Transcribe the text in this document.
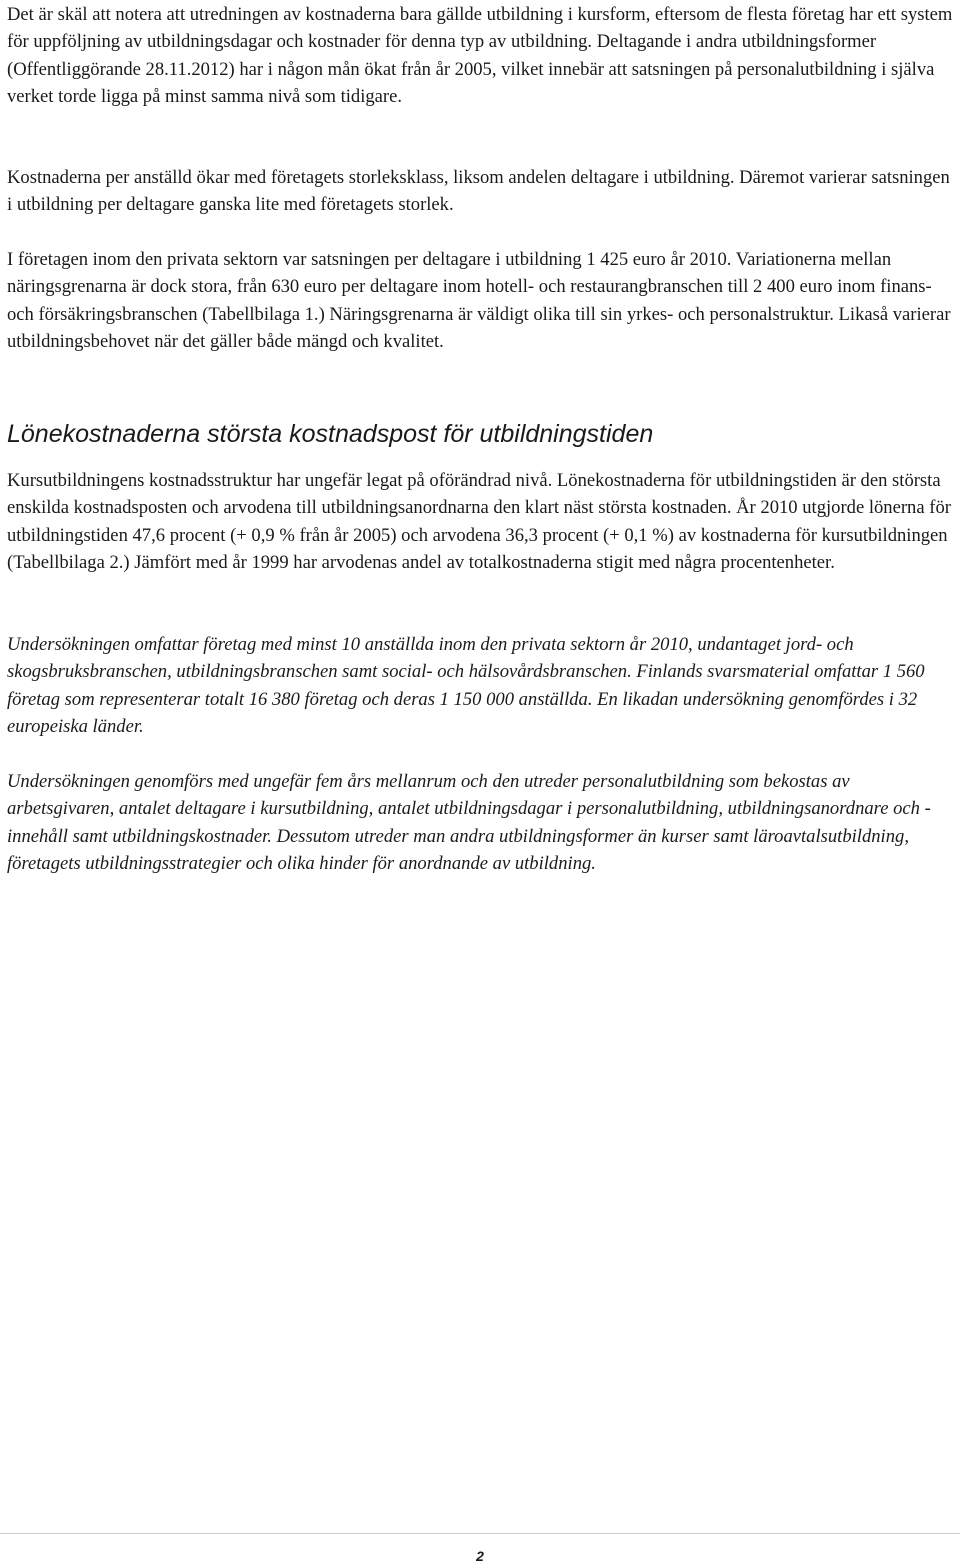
Det är skäl att notera att utredningen av kostnaderna bara gällde utbildning i kursform, eftersom de flesta företag har ett system för uppföljning av utbildningsdagar och kostnader för denna typ av utbildning. Deltagande i andra utbildningsformer (Offentliggörande 28.11.2012) har i någon mån ökat från år 2005, vilket innebär att satsningen på personalutbildning i själva verket torde ligga på minst samma nivå som tidigare.

Kostnaderna per anställd ökar med företagets storleksklass, liksom andelen deltagare i utbildning. Däremot varierar satsningen i utbildning per deltagare ganska lite med företagets storlek.

I företagen inom den privata sektorn var satsningen per deltagare i utbildning 1 425 euro år 2010. Variationerna mellan näringsgrenarna är dock stora, från 630 euro per deltagare inom hotell- och restaurangbranschen till 2 400 euro inom finans- och försäkringsbranschen (Tabellbilaga 1.) Näringsgrenarna är väldigt olika till sin yrkes- och personalstruktur. Likaså varierar utbildningsbehovet när det gäller både mängd och kvalitet.

Lönekostnaderna största kostnadspost för utbildningstiden

Kursutbildningens kostnadsstruktur har ungefär legat på oförändrad nivå. Lönekostnaderna för utbildningstiden är den största enskilda kostnadsposten och arvodena till utbildningsanordnarna den klart näst största kostnaden. År 2010 utgjorde lönerna för utbildningstiden 47,6 procent (+ 0,9 % från år 2005) och arvodena 36,3 procent (+ 0,1 %) av kostnaderna för kursutbildningen (Tabellbilaga 2.) Jämfört med år 1999 har arvodenas andel av totalkostnaderna stigit med några procentenheter.

Undersökningen omfattar företag med minst 10 anställda inom den privata sektorn år 2010, undantaget jord- och skogsbruksbranschen, utbildningsbranschen samt social- och hälsovårdsbranschen. Finlands svarsmaterial omfattar 1 560 företag som representerar totalt 16 380 företag och deras 1 150 000 anställda. En likadan undersökning genomfördes i 32 europeiska länder.

Undersökningen genomförs med ungefär fem års mellanrum och den utreder personalutbildning som bekostas av arbetsgivaren, antalet deltagare i kursutbildning, antalet utbildningsdagar i personalutbildning, utbildningsanordnare och -innehåll samt utbildningskostnader. Dessutom utreder man andra utbildningsformer än kurser samt läroavtalsutbildning, företagets utbildningsstrategier och olika hinder för anordnande av utbildning.

2
